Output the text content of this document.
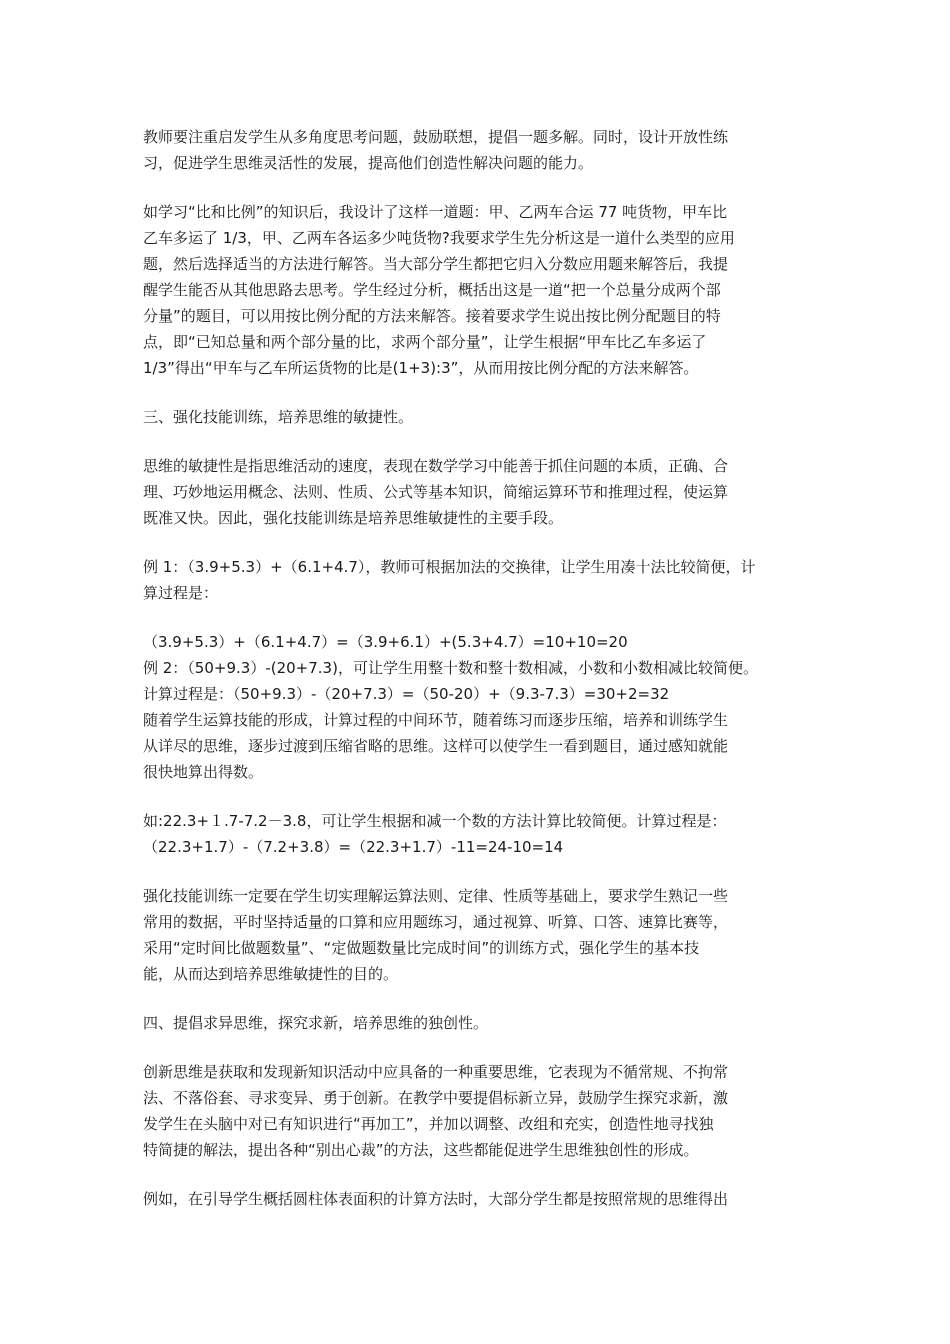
教师要注重启发学生从多角度思考问题，鼓励联想，提倡一题多解。同时，设计开放性练
习，促进学生思维灵活性的发展，提高他们创造性解决问题的能力。
如学习“比和比例”的知识后，我设计了这样一道题：甲、乙两车合运 77 吨货物，甲车比
乙车多运了 1/3，甲、乙两车各运多少吨货物?我要求学生先分析这是一道什么类型的应用
题，然后选择适当的方法进行解答。当大部分学生都把它归入分数应用题来解答后，我提
醒学生能否从其他思路去思考。学生经过分析，概括出这是一道“把一个总量分成两个部
分量”的题目，可以用按比例分配的方法来解答。接着要求学生说出按比例分配题目的特
点，即“已知总量和两个部分量的比，求两个部分量”，让学生根据“甲车比乙车多运了
1/3”得出“甲车与乙车所运货物的比是(1+3):3”，从而用按比例分配的方法来解答。
三、强化技能训练，培养思维的敏捷性。
思维的敏捷性是指思维活动的速度，表现在数学学习中能善于抓住问题的本质，正确、合
理、巧妙地运用概念、法则、性质、公式等基本知识，简缩运算环节和推理过程，使运算
既准又快。因此，强化技能训练是培养思维敏捷性的主要手段。
例 1：（3.9+5.3）+（6.1+4.7），教师可根据加法的交换律，让学生用凑十法比较简便，计
算过程是：
（3.9+5.3）+（6.1+4.7）=（3.9+6.1）+(5.3+4.7）=10+10=20
例 2：（50+9.3）-(20+7.3)，可让学生用整十数和整十数相减，小数和小数相减比较简便。
计算过程是：（50+9.3）-（20+7.3）=（50-20）+（9.3-7.3）=30+2=32
随着学生运算技能的形成，计算过程的中间环节，随着练习而逐步压缩，培养和训练学生
从详尽的思维，逐步过渡到压缩省略的思维。这样可以使学生一看到题目，通过感知就能
很快地算出得数。
如:22.3+１.7-7.2－3.8，可让学生根据和减一个数的方法计算比较简便。计算过程是：
（22.3+1.7）-（7.2+3.8）=（22.3+1.7）-11=24-10=14
强化技能训练一定要在学生切实理解运算法则、定律、性质等基础上，要求学生熟记一些
常用的数据，平时坚持适量的口算和应用题练习，通过视算、听算、口答、速算比赛等，
采用“定时间比做题数量”、“定做题数量比完成时间”的训练方式，强化学生的基本技
能，从而达到培养思维敏捷性的目的。
四、提倡求异思维，探究求新，培养思维的独创性。
创新思维是获取和发现新知识活动中应具备的一种重要思维，它表现为不循常规、不拘常
法、不落俗套、寻求变异、勇于创新。在教学中要提倡标新立异，鼓励学生探究求新，激
发学生在头脑中对已有知识进行“再加工”，并加以调整、改组和充实，创造性地寻找独
特简捷的解法，提出各种“别出心裁”的方法，这些都能促进学生思维独创性的形成。
例如，在引导学生概括圆柱体表面积的计算方法时，大部分学生都是按照常规的思维得出
